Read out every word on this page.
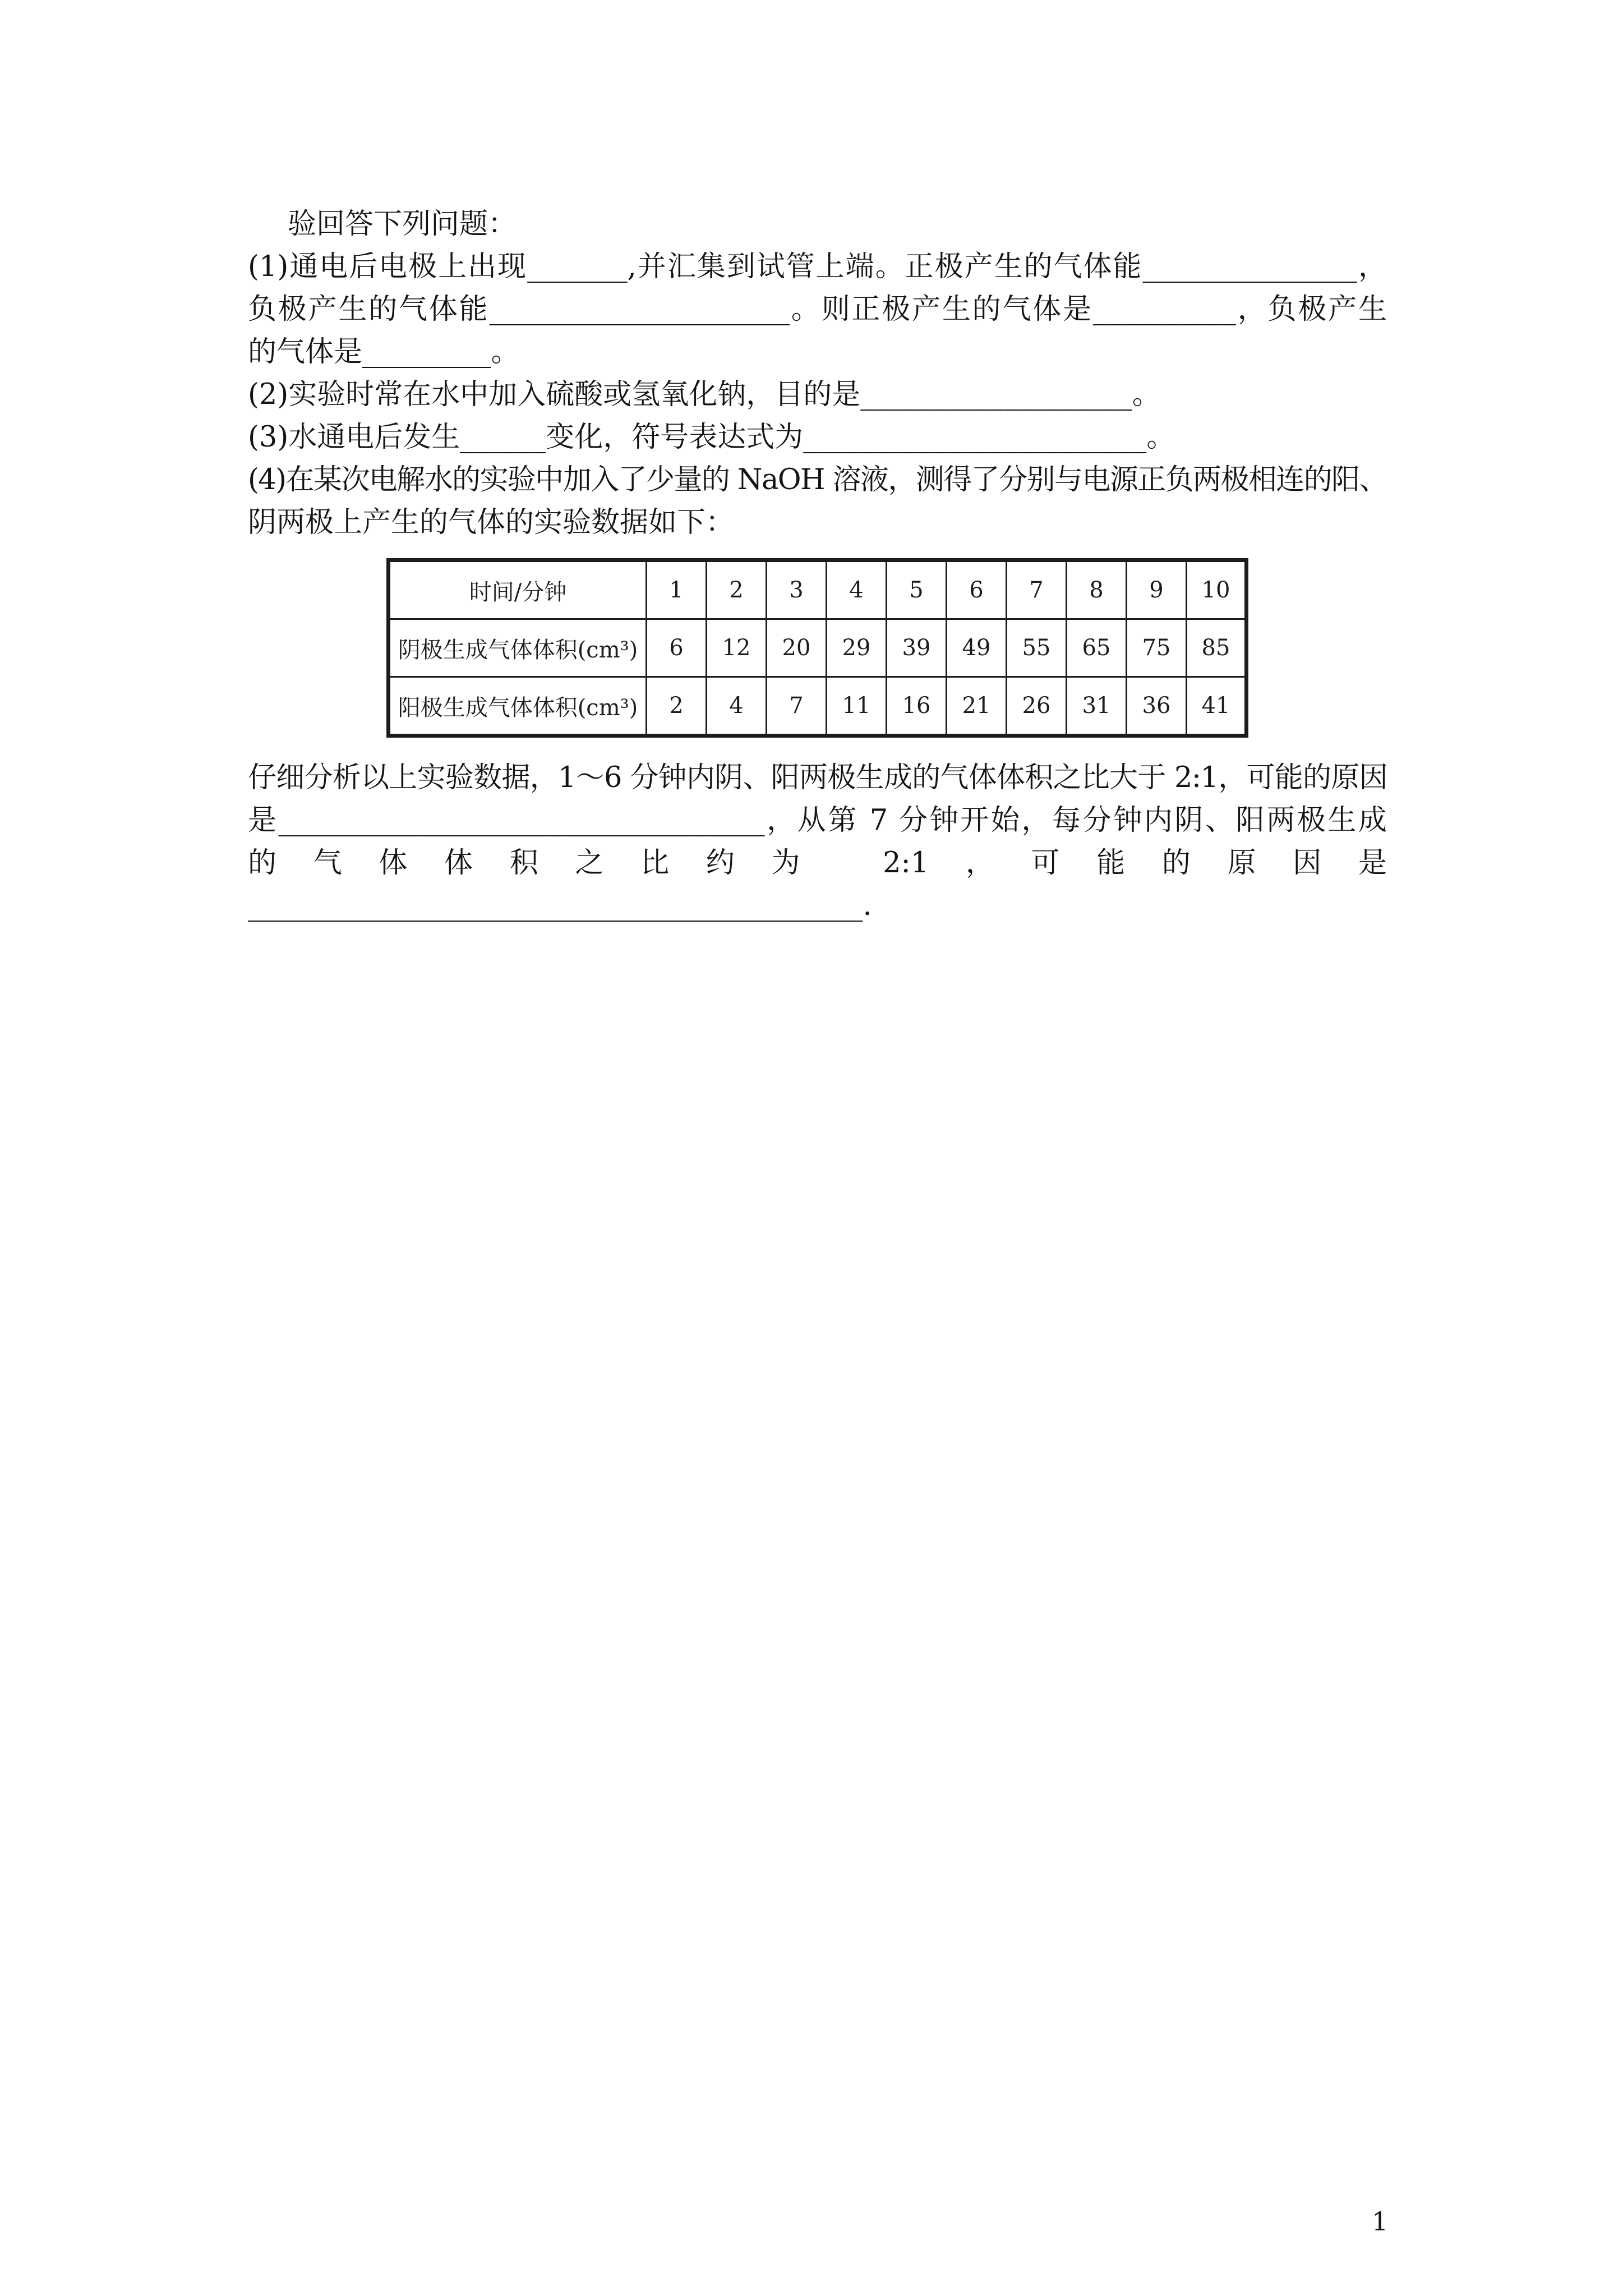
验回答下列问题：
(1)通电后电极上出现_______,并汇集到试管上端。正极产生的气体能_______________，
负极产生的气体能_____________________。则正极产生的气体是__________，负极产生
的气体是_________。
(2)实验时常在水中加入硫酸或氢氧化钠，目的是___________________。
(3)水通电后发生______变化，符号表达式为________________________。
(4)在某次电解水的实验中加入了少量的 NaOH 溶液，测得了分别与电源正负两极相连的阳、
阴两极上产生的气体的实验数据如下：
时间/分钟	1	2	3	4	5	6	7	8	9	10
阴极生成气体体积(cm³)	6	12	20	29	39	49	55	65	75	85
阳极生成气体体积(cm³)	2	4	7	11	16	21	26	31	36	41
仔细分析以上实验数据，1～6 分钟内阴、阳两极生成的气体体积之比大于 2:1，可能的原因
是__________________________________，从第 7 分钟开始，每分钟内阴、阳两极生成
的气体体积之比约为 2:1，可能的原因是
___________________________________________.
1
